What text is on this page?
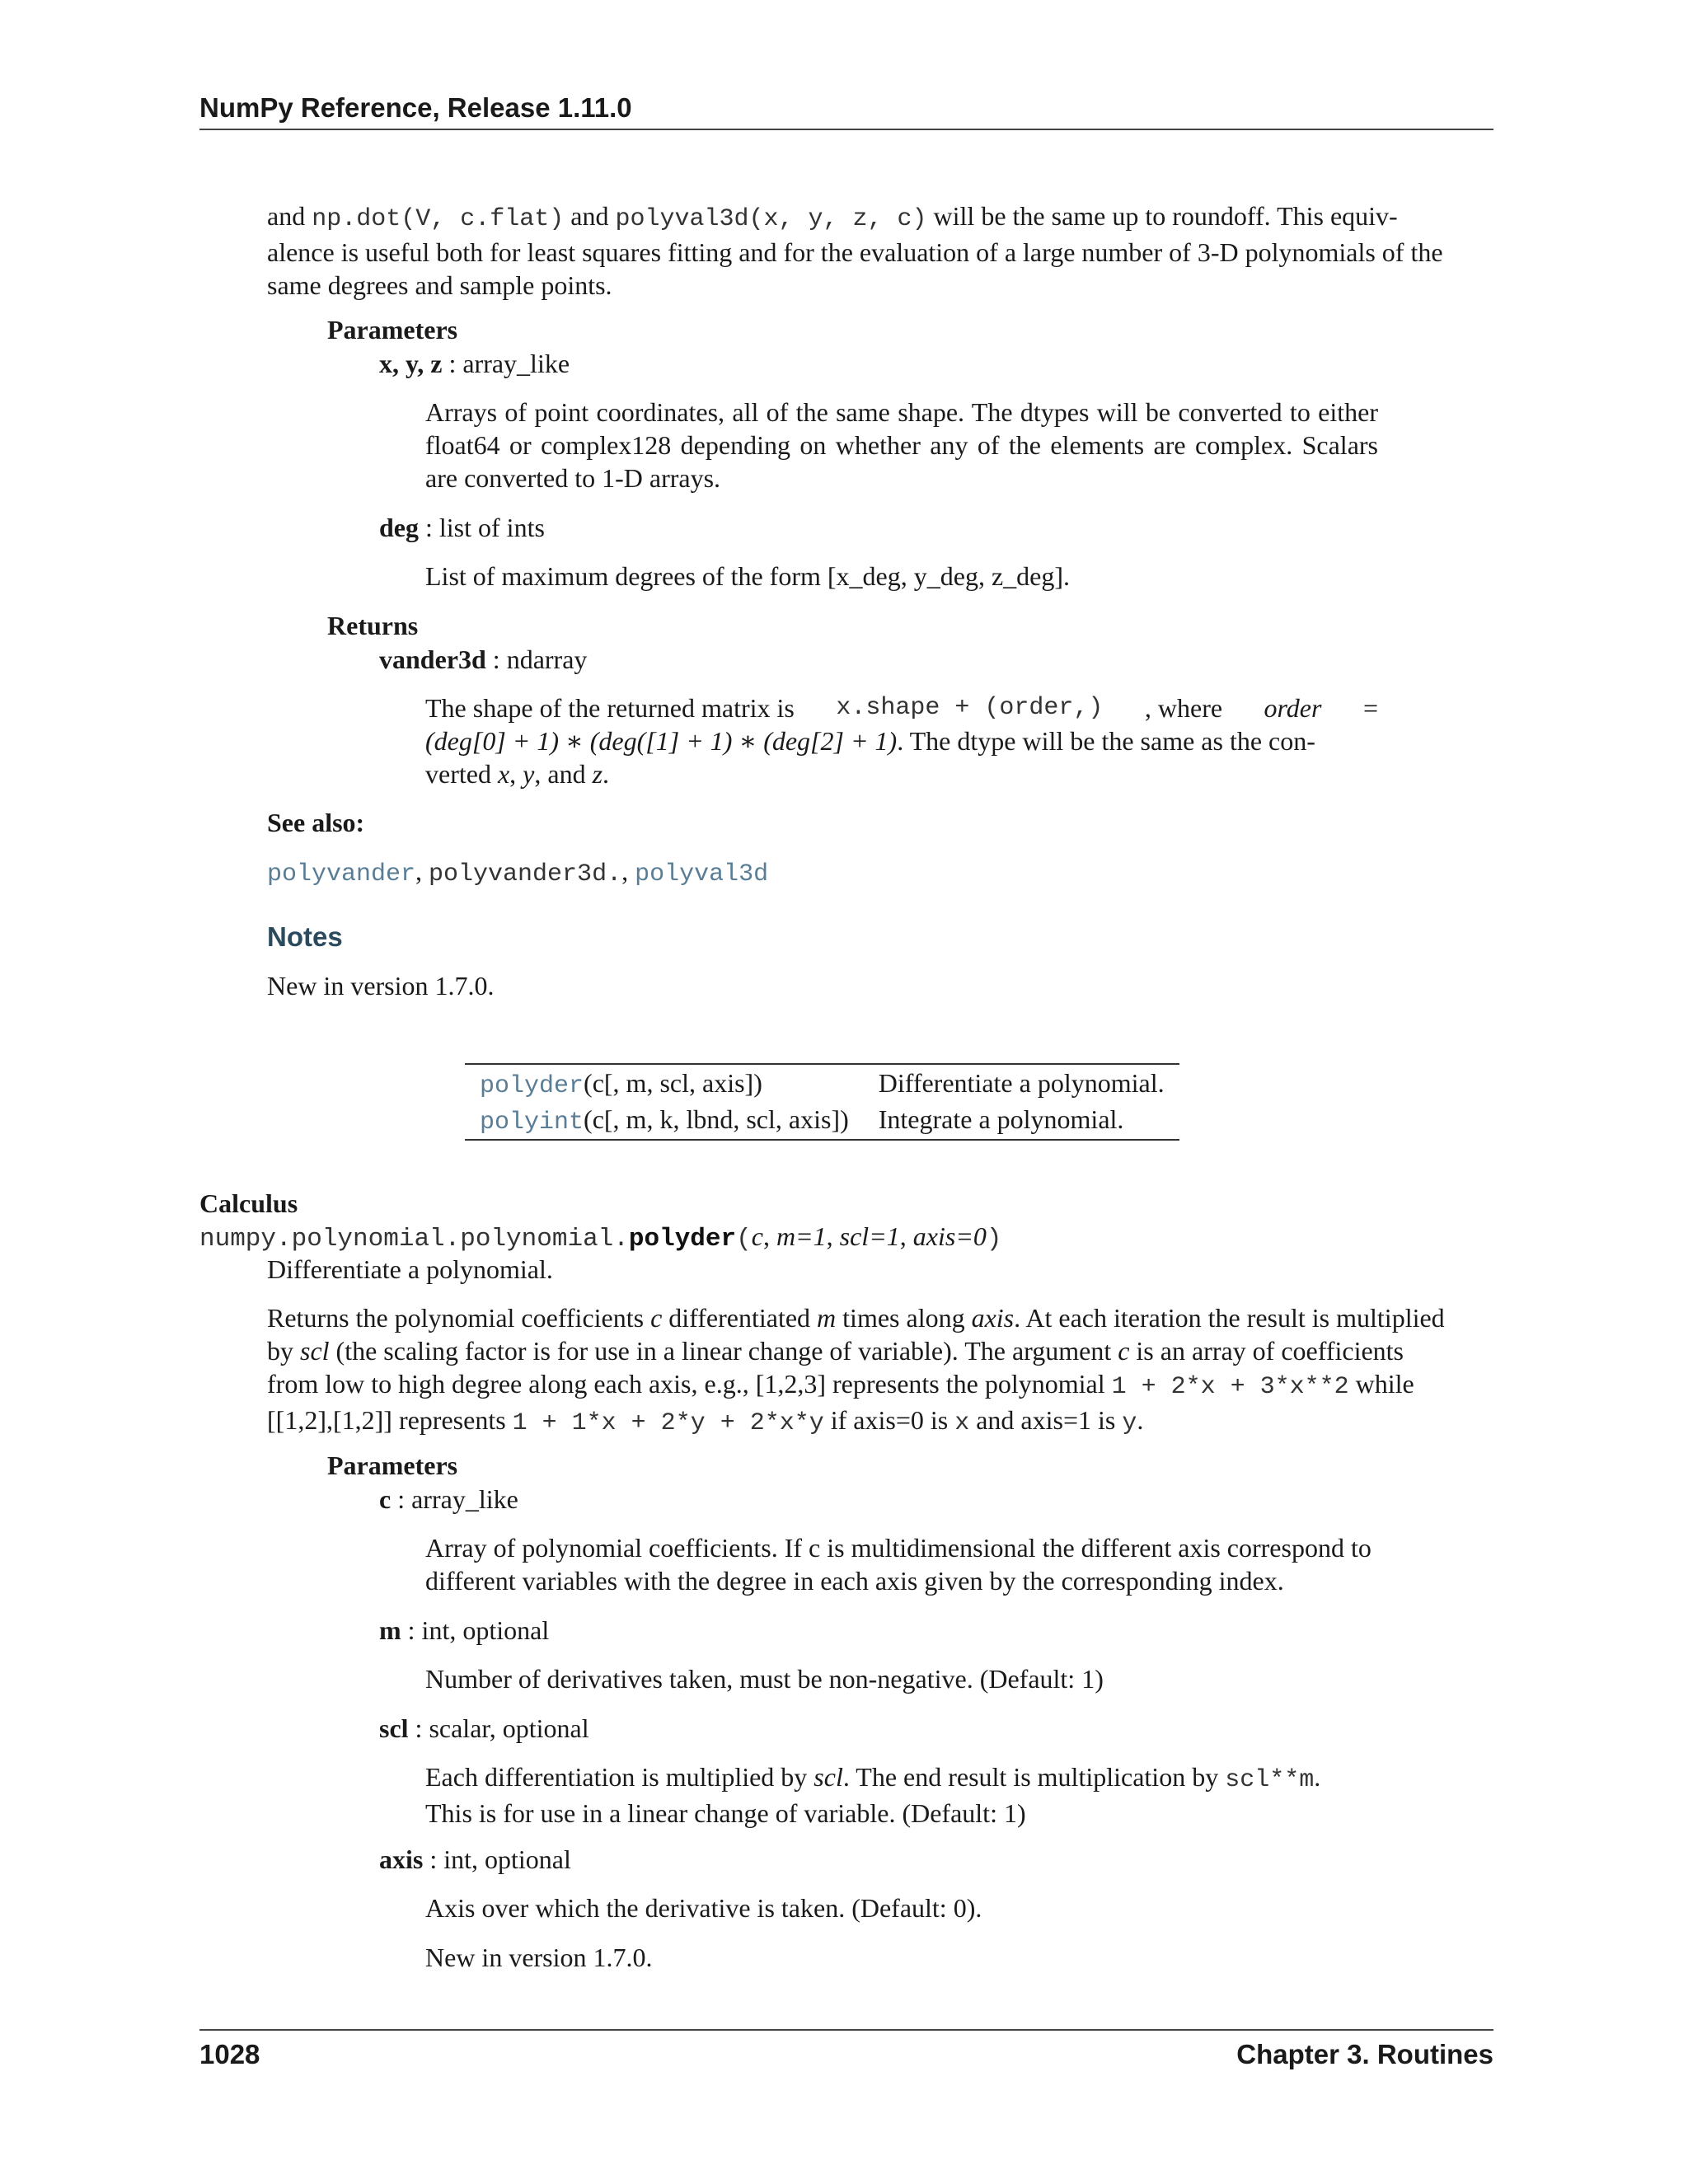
NumPy Reference, Release 1.11.0
and np.dot(V, c.flat) and polyval3d(x, y, z, c) will be the same up to roundoff. This equiv-
alence is useful both for least squares fitting and for the evaluation of a large number of 3-D polynomials of the
same degrees and sample points.
Parameters
x, y, z : array_like
Arrays of point coordinates, all of the same shape. The dtypes will be converted to either float64 or complex128 depending on whether any of the elements are complex. Scalars are converted to 1-D arrays.
deg : list of ints
List of maximum degrees of the form [x_deg, y_deg, z_deg].
Returns
vander3d : ndarray
The shape of the returned matrix is x.shape + (order,) , where order =
(deg[0] + 1) ∗ (deg([1] + 1) ∗ (deg[2] + 1). The dtype will be the same as the con-
verted x, y, and z.
See also:
polyvander, polyvander3d., polyval3d
Notes
New in version 1.7.0.
polyder(c[, m, scl, axis])	Differentiate a polynomial.
polyint(c[, m, k, lbnd, scl, axis])	Integrate a polynomial.
Calculus
numpy.polynomial.polynomial.polyder(c, m=1, scl=1, axis=0)
Differentiate a polynomial.
Returns the polynomial coefficients c differentiated m times along axis. At each iteration the result is multiplied
by scl (the scaling factor is for use in a linear change of variable). The argument c is an array of coefficients
from low to high degree along each axis, e.g., [1,2,3] represents the polynomial 1 + 2*x + 3*x**2 while
[[1,2],[1,2]] represents 1 + 1*x + 2*y + 2*x*y if axis=0 is x and axis=1 is y.
Parameters
c : array_like
Array of polynomial coefficients. If c is multidimensional the different axis correspond to different variables with the degree in each axis given by the corresponding index.
m : int, optional
Number of derivatives taken, must be non-negative. (Default: 1)
scl : scalar, optional
Each differentiation is multiplied by scl. The end result is multiplication by scl**m.
This is for use in a linear change of variable. (Default: 1)
axis : int, optional
Axis over which the derivative is taken. (Default: 0).
New in version 1.7.0.
1028	Chapter 3. Routines
